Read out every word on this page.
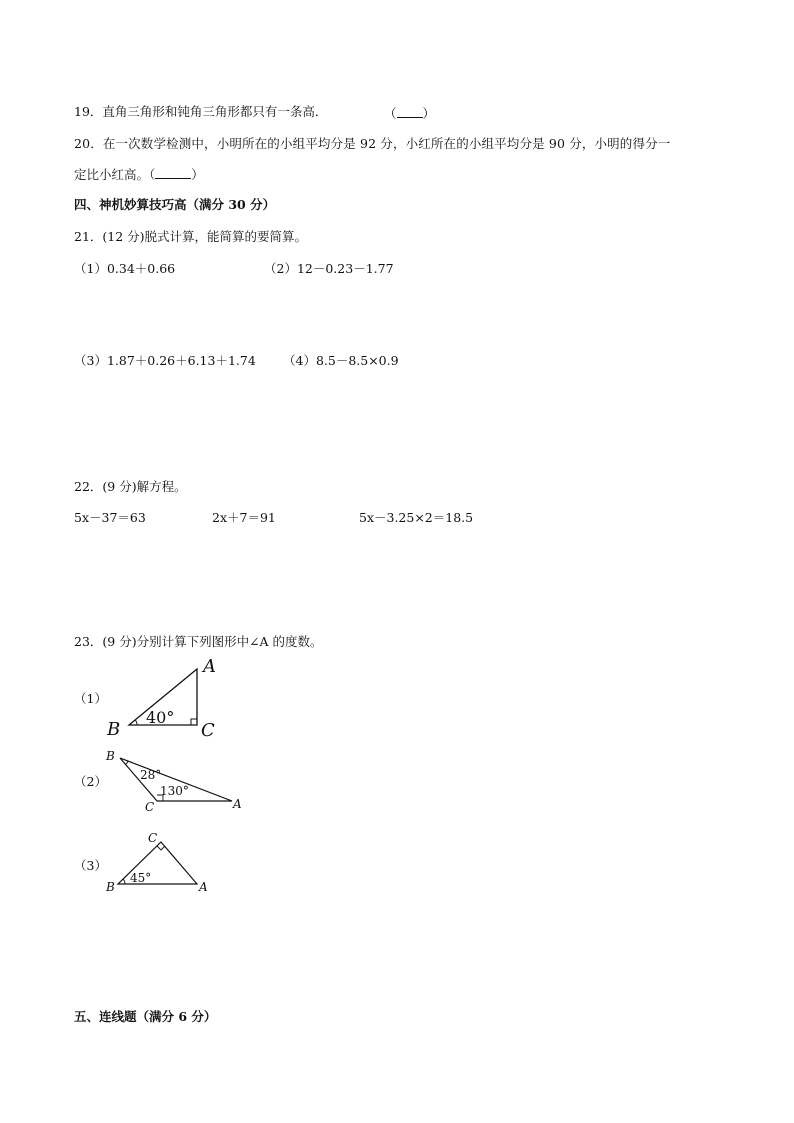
19．直角三角形和钝角三角形都只有一条高．	（ ）
20．在一次数学检测中，小明所在的小组平均分是 92 分，小红所在的小组平均分是 90 分，小明的得分一
定比小红高。（	）
四、神机妙算技巧高（满分 30 分）
21．(12 分)脱式计算，能简算的要简算。
（1）0.34＋0.66	（2）12－0.23－1.77
（3）1.87＋0.26＋6.13＋1.74 （4）8.5－8.5×0.9
22．(9 分)解方程。
5x－37＝63	2x＋7＝91	5x－3.25×2＝18.5
23．(9 分)分别计算下列图形中∠A 的度数。
（1）
A
B	C
40°
（2）
B
C	A
28°
130°
（3）
C
B	A
45°
五、连线题（满分 6 分）
